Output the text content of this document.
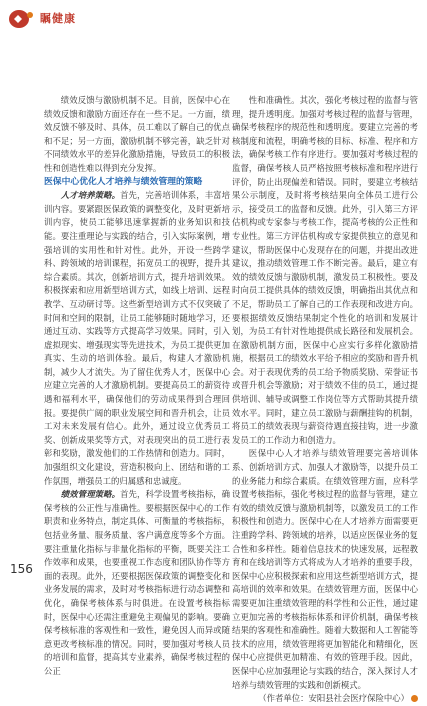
瞩健康

绩效反馈与激励机制不足。目前，医保中心在绩效反馈和激励方面还存在一些不足。一方面，绩效反馈不够及时、具体，员工难以了解自己的优点和不足；另一方面，激励机制不够完善，缺乏针对不同绩效水平的差异化激励措施，导致员工的积极性和创造性难以得到充分发挥。

医保中心优化人才培养与绩效管理的策略

人才培养策略。首先，完善培训体系，丰富培训内容。要紧跟医保政策的调整变化，及时更新培训内容，使员工能够迅速掌握新的业务知识和技能。要注重理论与实践的结合，引入实际案例，增强培训的实用性和针对性。此外，开设一些跨学科、跨领域的培训课程，拓宽员工的视野，提升其综合素质。其次，创新培训方式，提升培训效果。积极探索和应用新型培训方式，如线上培训、远程教学、互动研讨等。这些新型培训方式不仅突破了时间和空间的限制，让员工能够随时随地学习，还通过互动、实践等方式提高学习效果。同时，引入虚拟现实、增强现实等先进技术，为员工提供更加真实、生动的培训体验。最后，构建人才激励机制，减少人才流失。为了留住优秀人才，医保中心应建立完善的人才激励机制。要提高员工的薪资待遇和福利水平，确保他们的劳动成果得到合理回报。要提供广阔的职业发展空间和晋升机会，让员工对未来发展有信心。此外，通过设立优秀员工奖、创新成果奖等方式，对表现突出的员工进行表彰和奖励，激发他们的工作热情和创造力。同时，加强组织文化建设，营造积极向上、团结和谐的工作氛围，增强员工的归属感和忠诚度。

绩效管理策略。首先，科学设置考核指标，确保考核的公正性与准确性。要根据医保中心的工作职责和业务特点，制定具体、可衡量的考核指标，包括业务量、服务质量、客户满意度等多个方面。要注重量化指标与非量化指标的平衡，既要关注工作效率和成果，也要重视工作态度和团队协作等方面的表现。此外，还要根据医保政策的调整变化和业务发展的需求，及时对考核指标进行动态调整和优化，确保考核体系与时俱进。在设置考核指标时，医保中心还需注重避免主观偏见的影响。要确保考核标准的客观性和一致性，避免因人而异或随意更改考核标准的情况。同时，要加强对考核人员的培训和监督，提高其专业素养，确保考核过程的公正

性和准确性。其次，强化考核过程的监督与管理，提升透明度。加强对考核过程的监督与管理，确保考核程序的规范性和透明度。要建立完善的考核制度和流程，明确考核的目标、标准、程序和方法，确保考核工作有序进行。要加强对考核过程的监督，确保考核人员严格按照考核标准和程序进行评价，防止出现偏差和错误。同时，要建立考核结果公示制度，及时将考核结果向全体员工进行公示，接受员工的监督和反馈。此外，引入第三方评估机构或专家参与考核工作，提高考核的公正性和专业性。第三方评估机构或专家提供独立的意见和建议，帮助医保中心发现存在的问题，并提出改进建议，推动绩效管理工作不断完善。最后，建立有效的绩效反馈与激励机制，激发员工积极性。要及时向员工提供具体的绩效反馈，明确指出其优点和不足，帮助员工了解自己的工作表现和改进方向。要根据绩效反馈结果制定个性化的培训和发展计划，为员工有针对性地提供成长路径和发展机会。在激励机制方面，医保中心应实行多样化激励措施，根据员工的绩效水平给予相应的奖励和晋升机会。对于表现优秀的员工给予物质奖励、荣誉证书或晋升机会等激励；对于绩效不佳的员工，通过提供培训、辅导或调整工作岗位等方式帮助其提升绩效水平。同时，建立员工激励与薪酬挂钩的机制，将员工的绩效表现与薪资待遇直接挂钩，进一步激发员工的工作动力和创造力。

医保中心人才培养与绩效管理要完善培训体系、创新培训方式、加强人才激励等，以提升员工的业务能力和综合素质。在绩效管理方面，应科学设置考核指标，强化考核过程的监督与管理，建立有效的绩效反馈与激励机制等，以激发员工的工作积极性和创造力。医保中心在人才培养方面需要更注重跨学科、跨领域的培养，以适应医保业务的复合性和多样性。随着信息技术的快速发展，远程教育和在线培训等方式将成为人才培养的重要手段，医保中心应积极探索和应用这些新型培训方式，提高培训的效率和效果。在绩效管理方面，医保中心需要更加注重绩效管理的科学性和公正性，通过建立更加完善的考核指标体系和评价机制，确保考核结果的客观性和准确性。随着大数据和人工智能等技术的应用，绩效管理将更加智能化和精细化，医保中心应提供更加精准、有效的管理手段。因此，医保中心应加强理论与实践的结合，深入探讨人才培养与绩效管理的实践和创新模式。

（作者单位：安阳县社会医疗保险中心）

156
